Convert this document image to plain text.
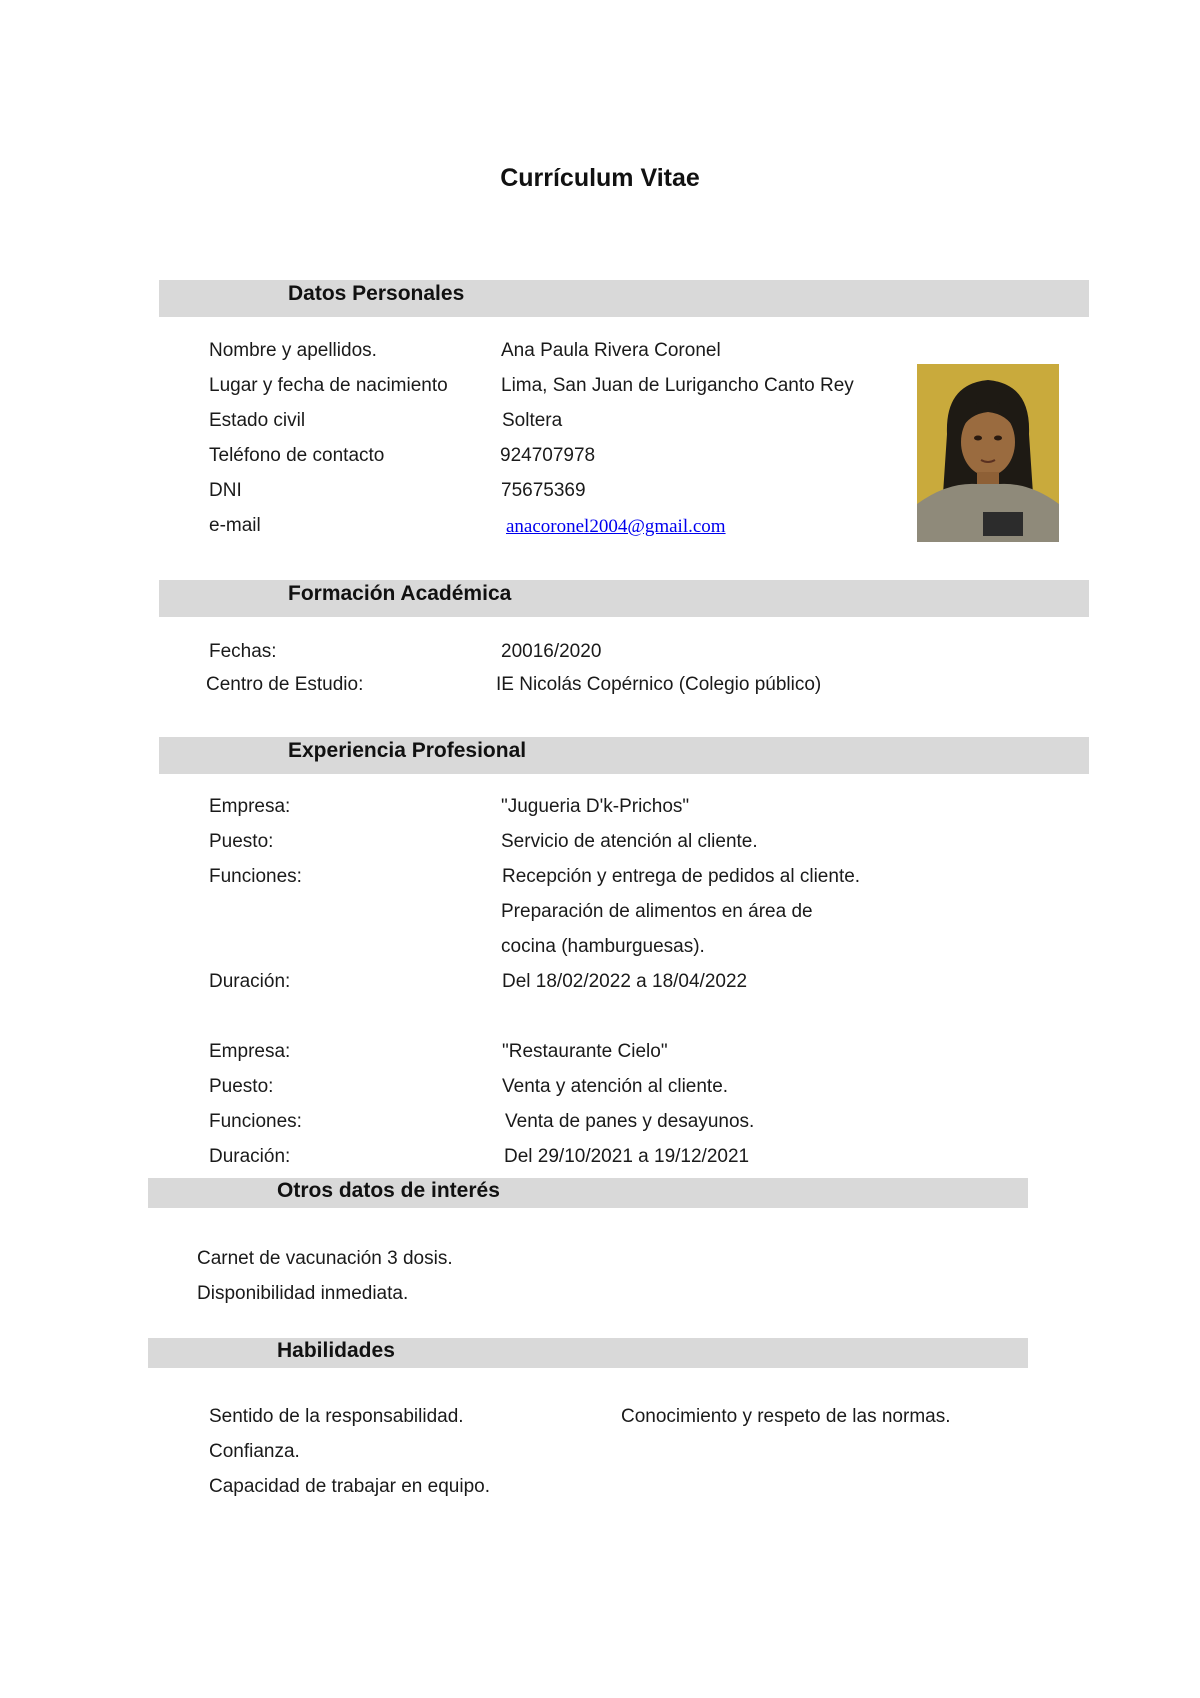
Currículum Vitae
Datos Personales
Nombre y apellidos.	Ana Paula Rivera Coronel
Lugar y fecha de nacimiento	Lima, San Juan de Lurigancho Canto Rey
Estado civil	Soltera
Teléfono de contacto	924707978
DNI	75675369
e-mail	anacoronel2004@gmail.com
Formación Académica
Fechas:	20016/2020
Centro de Estudio:	IE Nicolás Copérnico (Colegio público)
Experiencia Profesional
Empresa:	"Jugueria D'k-Prichos"
Puesto:	Servicio de atención al cliente.
Funciones:	Recepción y entrega de pedidos al cliente.
Preparación de alimentos en área de
cocina (hamburguesas).
Duración:	Del 18/02/2022 a 18/04/2022
Empresa:	"Restaurante Cielo"
Puesto:	Venta y atención al cliente.
Funciones:	Venta de panes y desayunos.
Duración:	Del 29/10/2021 a 19/12/2021
Otros datos de interés
Carnet de vacunación 3 dosis.
Disponibilidad inmediata.
Habilidades
Sentido de la responsabilidad.	Conocimiento y respeto de las normas.
Confianza.
Capacidad de trabajar en equipo.
